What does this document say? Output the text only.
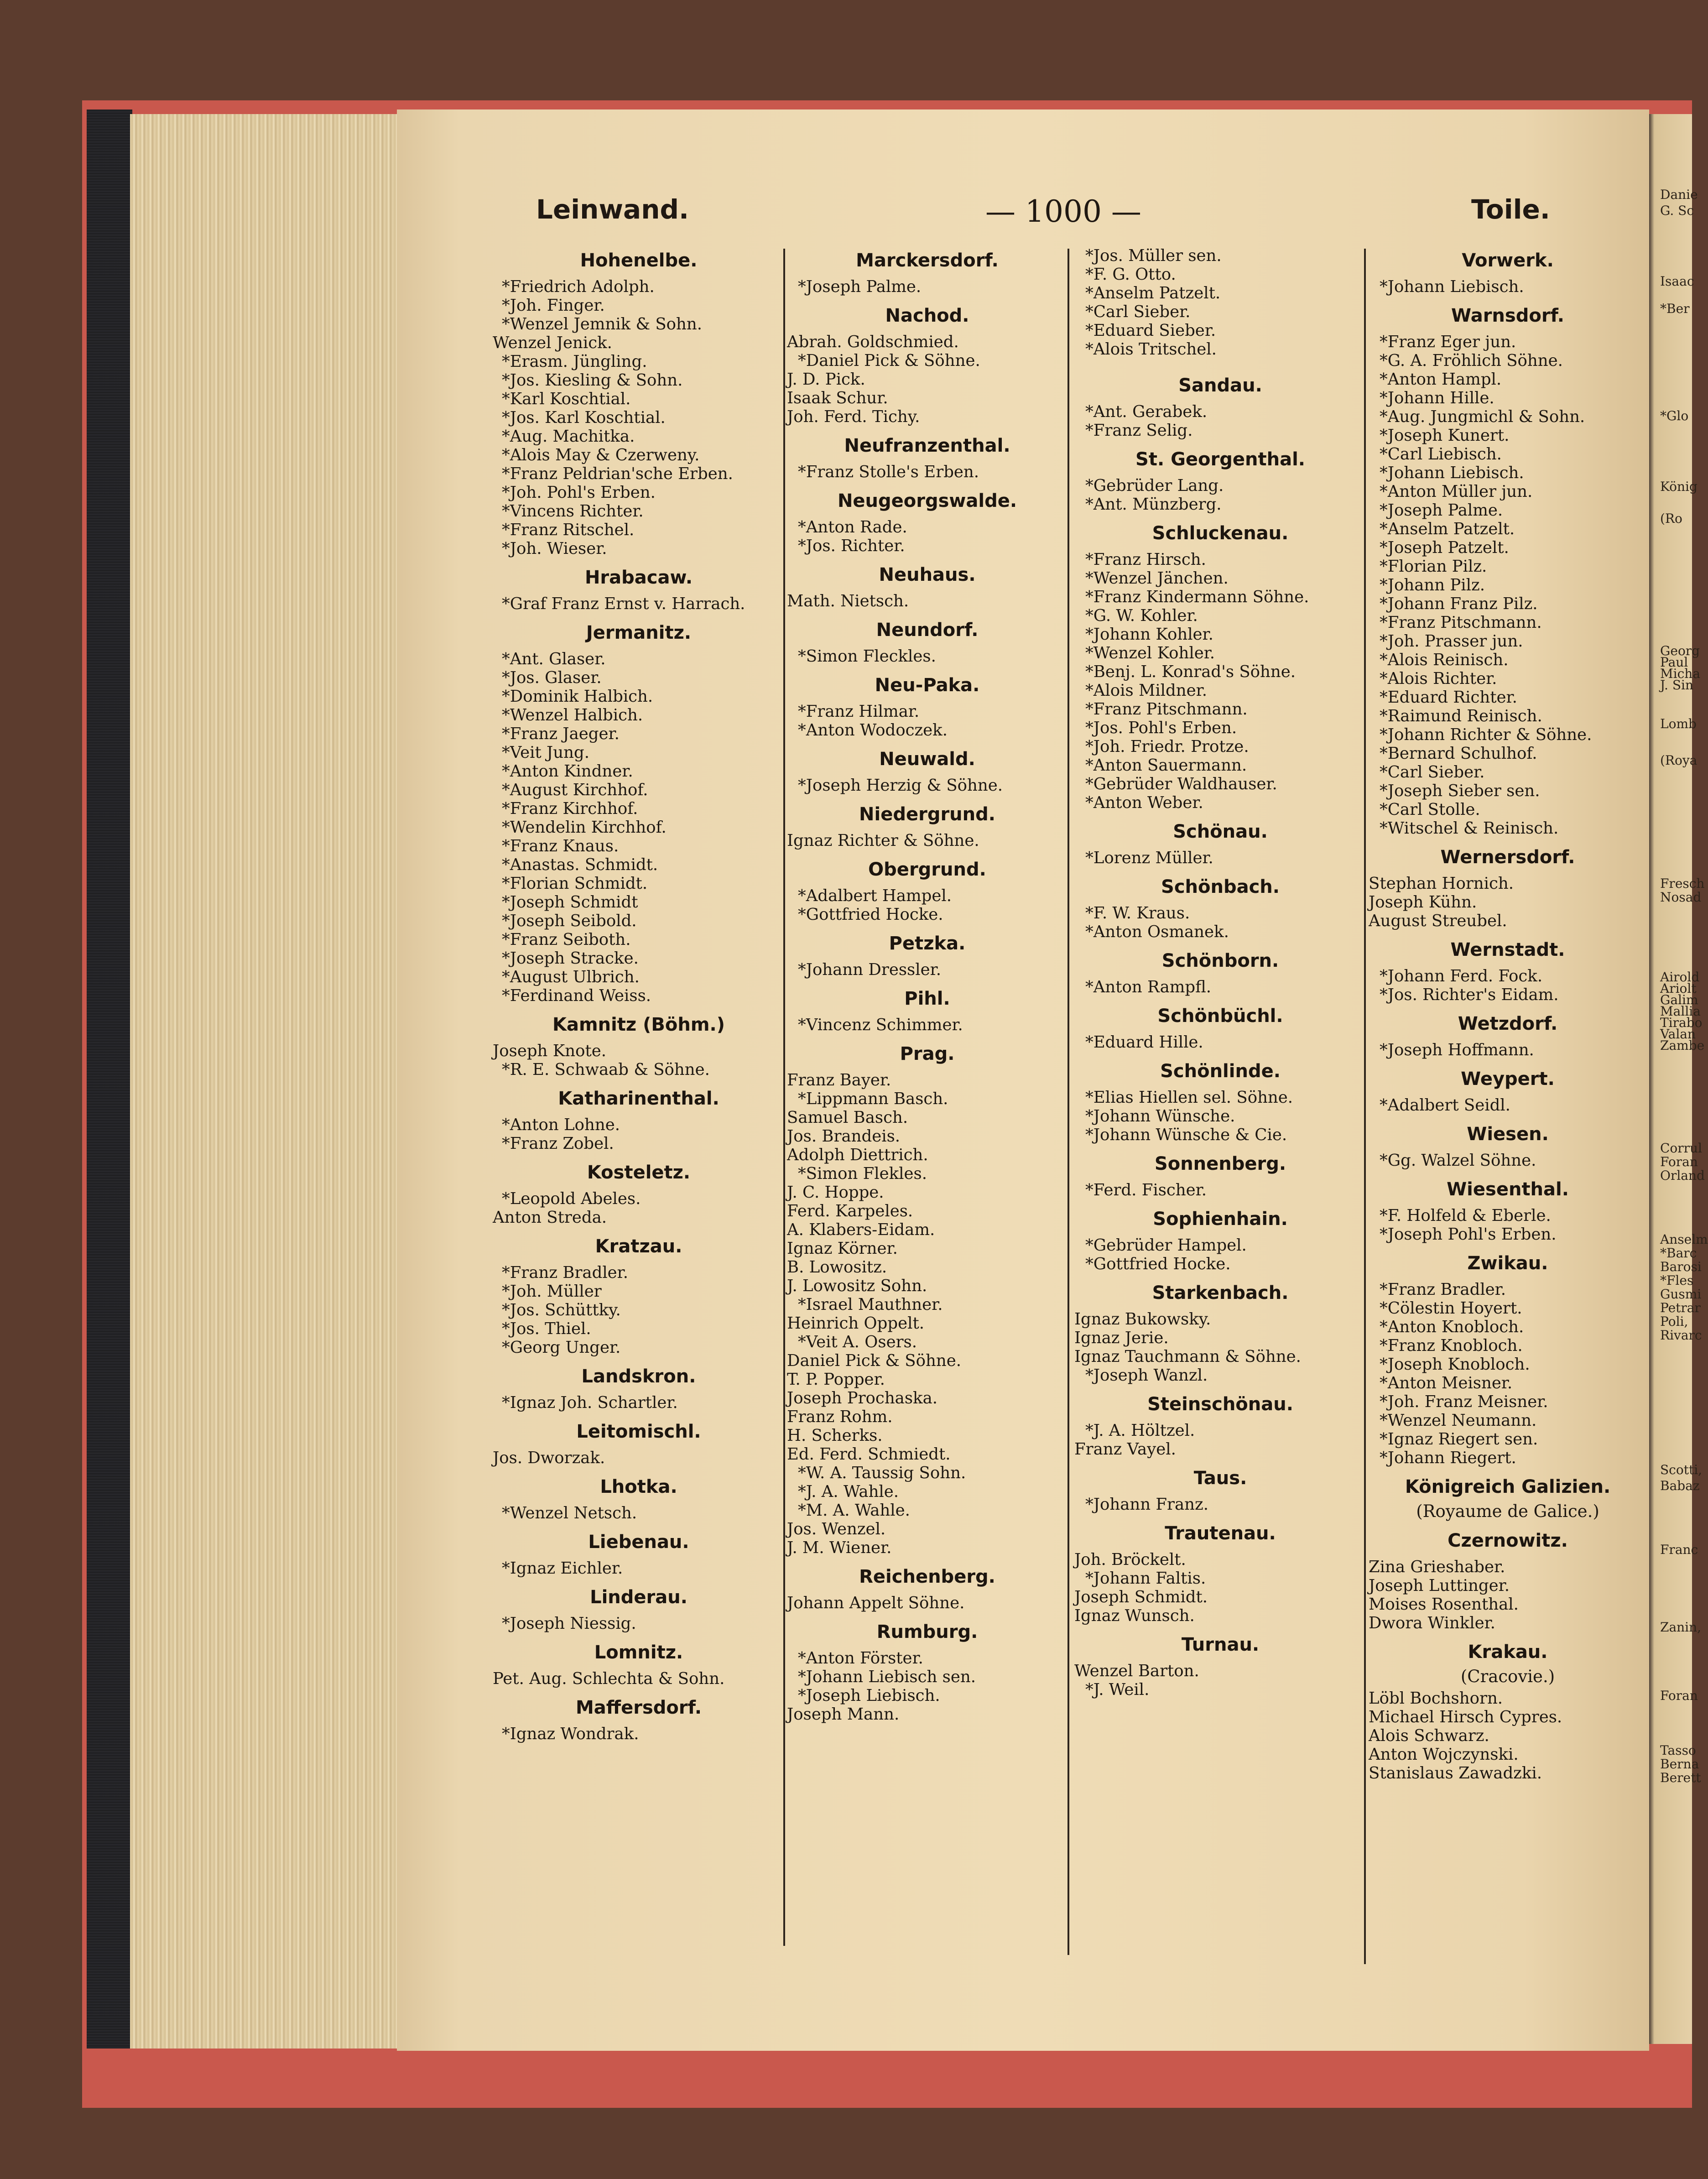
Leinwand.	— 1000 —	Toile.
Hohenelbe.
*Friedrich Adolph.
*Joh. Finger.
*Wenzel Jemnik & Sohn.
Wenzel Jenick.
*Erasm. Jüngling.
*Jos. Kiesling & Sohn.
*Karl Koschtial.
*Jos. Karl Koschtial.
*Aug. Machitka.
*Alois May & Czerweny.
*Franz Peldrian'sche Erben.
*Joh. Pohl's Erben.
*Vincens Richter.
*Franz Ritschel.
*Joh. Wieser.
Hrabacaw.
*Graf Franz Ernst v. Harrach.
Jermanitz.
*Ant. Glaser.
*Jos. Glaser.
*Dominik Halbich.
*Wenzel Halbich.
*Franz Jaeger.
*Veit Jung.
*Anton Kindner.
*August Kirchhof.
*Franz Kirchhof.
*Wendelin Kirchhof.
*Franz Knaus.
*Anastas. Schmidt.
*Florian Schmidt.
*Joseph Schmidt
*Joseph Seibold.
*Franz Seiboth.
*Joseph Stracke.
*August Ulbrich.
*Ferdinand Weiss.
Kamnitz (Böhm.)
Joseph Knote.
*R. E. Schwaab & Söhne.
Katharinenthal.
*Anton Lohne.
*Franz Zobel.
Kosteletz.
*Leopold Abeles.
Anton Streda.
Kratzau.
*Franz Bradler.
*Joh. Müller
*Jos. Schüttky.
*Jos. Thiel.
*Georg Unger.
Landskron.
*Ignaz Joh. Schartler.
Leitomischl.
Jos. Dworzak.
Lhotka.
*Wenzel Netsch.
Liebenau.
*Ignaz Eichler.
Linderau.
*Joseph Niessig.
Lomnitz.
Pet. Aug. Schlechta & Sohn.
Maffersdorf.
*Ignaz Wondrak.
Marckersdorf.
*Joseph Palme.
Nachod.
Abrah. Goldschmied.
*Daniel Pick & Söhne.
J. D. Pick.
Isaak Schur.
Joh. Ferd. Tichy.
Neufranzenthal.
*Franz Stolle's Erben.
Neugeorgswalde.
*Anton Rade.
*Jos. Richter.
Neuhaus.
Math. Nietsch.
Neundorf.
*Simon Fleckles.
Neu-Paka.
*Franz Hilmar.
*Anton Wodoczek.
Neuwald.
*Joseph Herzig & Söhne.
Niedergrund.
Ignaz Richter & Söhne.
Obergrund.
*Adalbert Hampel.
*Gottfried Hocke.
Petzka.
*Johann Dressler.
Pihl.
*Vincenz Schimmer.
Prag.
Franz Bayer.
*Lippmann Basch.
Samuel Basch.
Jos. Brandeis.
Adolph Diettrich.
*Simon Flekles.
J. C. Hoppe.
Ferd. Karpeles.
A. Klabers-Eidam.
Ignaz Körner.
B. Lowositz.
J. Lowositz Sohn.
*Israel Mauthner.
Heinrich Oppelt.
*Veit A. Osers.
Daniel Pick & Söhne.
T. P. Popper.
Joseph Prochaska.
Franz Rohm.
H. Scherks.
Ed. Ferd. Schmiedt.
*W. A. Taussig Sohn.
*J. A. Wahle.
*M. A. Wahle.
Jos. Wenzel.
J. M. Wiener.
Reichenberg.
Johann Appelt Söhne.
Rumburg.
*Anton Förster.
*Johann Liebisch sen.
*Joseph Liebisch.
Joseph Mann.
*Jos. Müller sen.
*F. G. Otto.
*Anselm Patzelt.
*Carl Sieber.
*Eduard Sieber.
*Alois Tritschel.
Sandau.
*Ant. Gerabek.
*Franz Selig.
St. Georgenthal.
*Gebrüder Lang.
*Ant. Münzberg.
Schluckenau.
*Franz Hirsch.
*Wenzel Jänchen.
*Franz Kindermann Söhne.
*G. W. Kohler.
*Johann Kohler.
*Wenzel Kohler.
*Benj. L. Konrad's Söhne.
*Alois Mildner.
*Franz Pitschmann.
*Jos. Pohl's Erben.
*Joh. Friedr. Protze.
*Anton Sauermann.
*Gebrüder Waldhauser.
*Anton Weber.
Schönau.
*Lorenz Müller.
Schönbach.
*F. W. Kraus.
*Anton Osmanek.
Schönborn.
*Anton Rampfl.
Schönbüchl.
*Eduard Hille.
Schönlinde.
*Elias Hiellen sel. Söhne.
*Johann Wünsche.
*Johann Wünsche & Cie.
Sonnenberg.
*Ferd. Fischer.
Sophienhain.
*Gebrüder Hampel.
*Gottfried Hocke.
Starkenbach.
Ignaz Bukowsky.
Ignaz Jerie.
Ignaz Tauchmann & Söhne.
*Joseph Wanzl.
Steinschönau.
*J. A. Höltzel.
Franz Vayel.
Taus.
*Johann Franz.
Trautenau.
Joh. Bröckelt.
*Johann Faltis.
Joseph Schmidt.
Ignaz Wunsch.
Turnau.
Wenzel Barton.
*J. Weil.
Vorwerk.
*Johann Liebisch.
Warnsdorf.
*Franz Eger jun.
*G. A. Fröhlich Söhne.
*Anton Hampl.
*Johann Hille.
*Aug. Jungmichl & Sohn.
*Joseph Kunert.
*Carl Liebisch.
*Johann Liebisch.
*Anton Müller jun.
*Joseph Palme.
*Anselm Patzelt.
*Joseph Patzelt.
*Florian Pilz.
*Johann Pilz.
*Johann Franz Pilz.
*Franz Pitschmann.
*Joh. Prasser jun.
*Alois Reinisch.
*Alois Richter.
*Eduard Richter.
*Raimund Reinisch.
*Johann Richter & Söhne.
*Bernard Schulhof.
*Carl Sieber.
*Joseph Sieber sen.
*Carl Stolle.
*Witschel & Reinisch.
Wernersdorf.
Stephan Hornich.
Joseph Kühn.
August Streubel.
Wernstadt.
*Johann Ferd. Fock.
*Jos. Richter's Eidam.
Wetzdorf.
*Joseph Hoffmann.
Weypert.
*Adalbert Seidl.
Wiesen.
*Gg. Walzel Söhne.
Wiesenthal.
*F. Holfeld & Eberle.
*Joseph Pohl's Erben.
Zwikau.
*Franz Bradler.
*Cölestin Hoyert.
*Anton Knobloch.
*Franz Knobloch.
*Joseph Knobloch.
*Anton Meisner.
*Joh. Franz Meisner.
*Wenzel Neumann.
*Ignaz Riegert sen.
*Johann Riegert.
Königreich Galizien.
(Royaume de Galice.)
Czernowitz.
Zina Grieshaber.
Joseph Luttinger.
Moises Rosenthal.
Dwora Winkler.
Krakau.
(Cracovie.)
Löbl Bochshorn.
Michael Hirsch Cypres.
Alois Schwarz.
Anton Wojczynski.
Stanislaus Zawadzki.
Danie
G. Sc
Isaac
*Ber
*Glo
König
(Ro
Georg
Paul
Micha
J. Sin
Lomb
(Roya
Fresch
Nosad
Airold
Ariolt
Galim
Mallia
Tirabo
Valan
Zambe
Corrul
Foran
Orland
Anselm
*Barc
Barosi
*Fles
Gusmi
Petrar
Poli,
Rivarc
Scotti,
Babaz
Franc
Zanin,
Foran
Tasso
Berna
Berett
